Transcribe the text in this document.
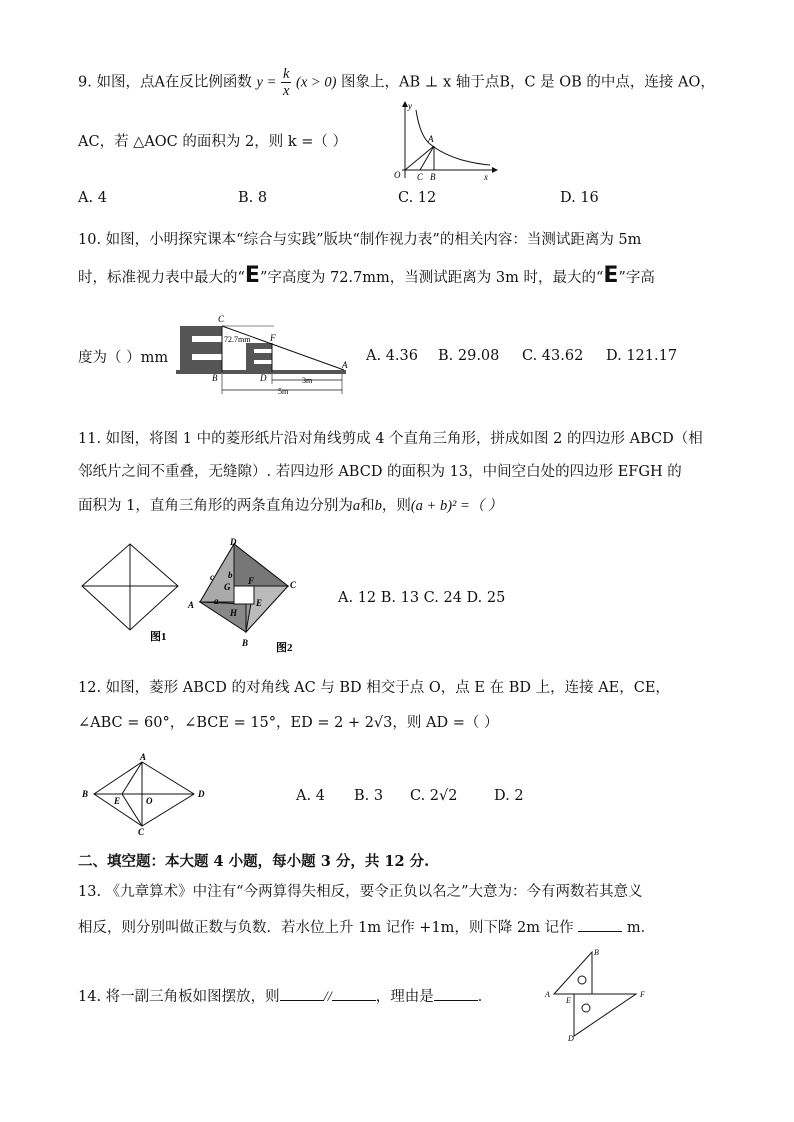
9. 如图，点A在反比例函数 $y = \frac{k}{x} (x > 0)$ 图象上，AB ⊥ x 轴于点B，C 是 OB 的中点，连接 AO，
AC，若 △AOC 的面积为 2，则 k =（ ）
y
x
O C B
A
A. 4	B. 8	C. 12	D. 16
10. 如图，小明探究课本“综合与实践”版块“制作视力表”的相关内容：当测试距离为 5m
时，标准视力表中最大的“E”字高度为 72.7mm，当测试距离为 3m 时，最大的“E”字高
度为（ ）mm
C
F
72.7mm
B	D
A
3m
5m
A. 4.36 B. 29.08 C. 43.62 D. 121.17
11. 如图，将图 1 中的菱形纸片沿对角线剪成 4 个直角三角形，拼成如图 2 的四边形 ABCD（相
邻纸片之间不重叠，无缝隙）. 若四边形 ABCD 的面积为 13，中间空白处的四边形 EFGH 的
面积为 1，直角三角形的两条直角边分别为a和b，则(a + b)² =（ ）
图1
D
C
A
B
E
F
G
H
a
b
c
图2
A. 12 B. 13 C. 24 D. 25
12. 如图，菱形 ABCD 的对角线 AC 与 BD 相交于点 O，点 E 在 BD 上，连接 AE，CE，
∠ABC = 60°，∠BCE = 15°，ED = 2 + 2√3，则 AD =（ ）
A
B
C
D
E	O	A. 4 B. 3 C. 2√2	D. 2
二、填空题：本大题 4 小题，每小题 3 分，共 12 分.
13. 《九章算术》中注有“今两算得失相反，要令正负以名之”大意为：今有两数若其意义
相反，则分别叫做正数与负数．若水位上升 1m 记作 +1m，则下降 2m 记作	m．
14. 将一副三角板如图摆放，则	//	，理由是	．	A
B
E
F
D
